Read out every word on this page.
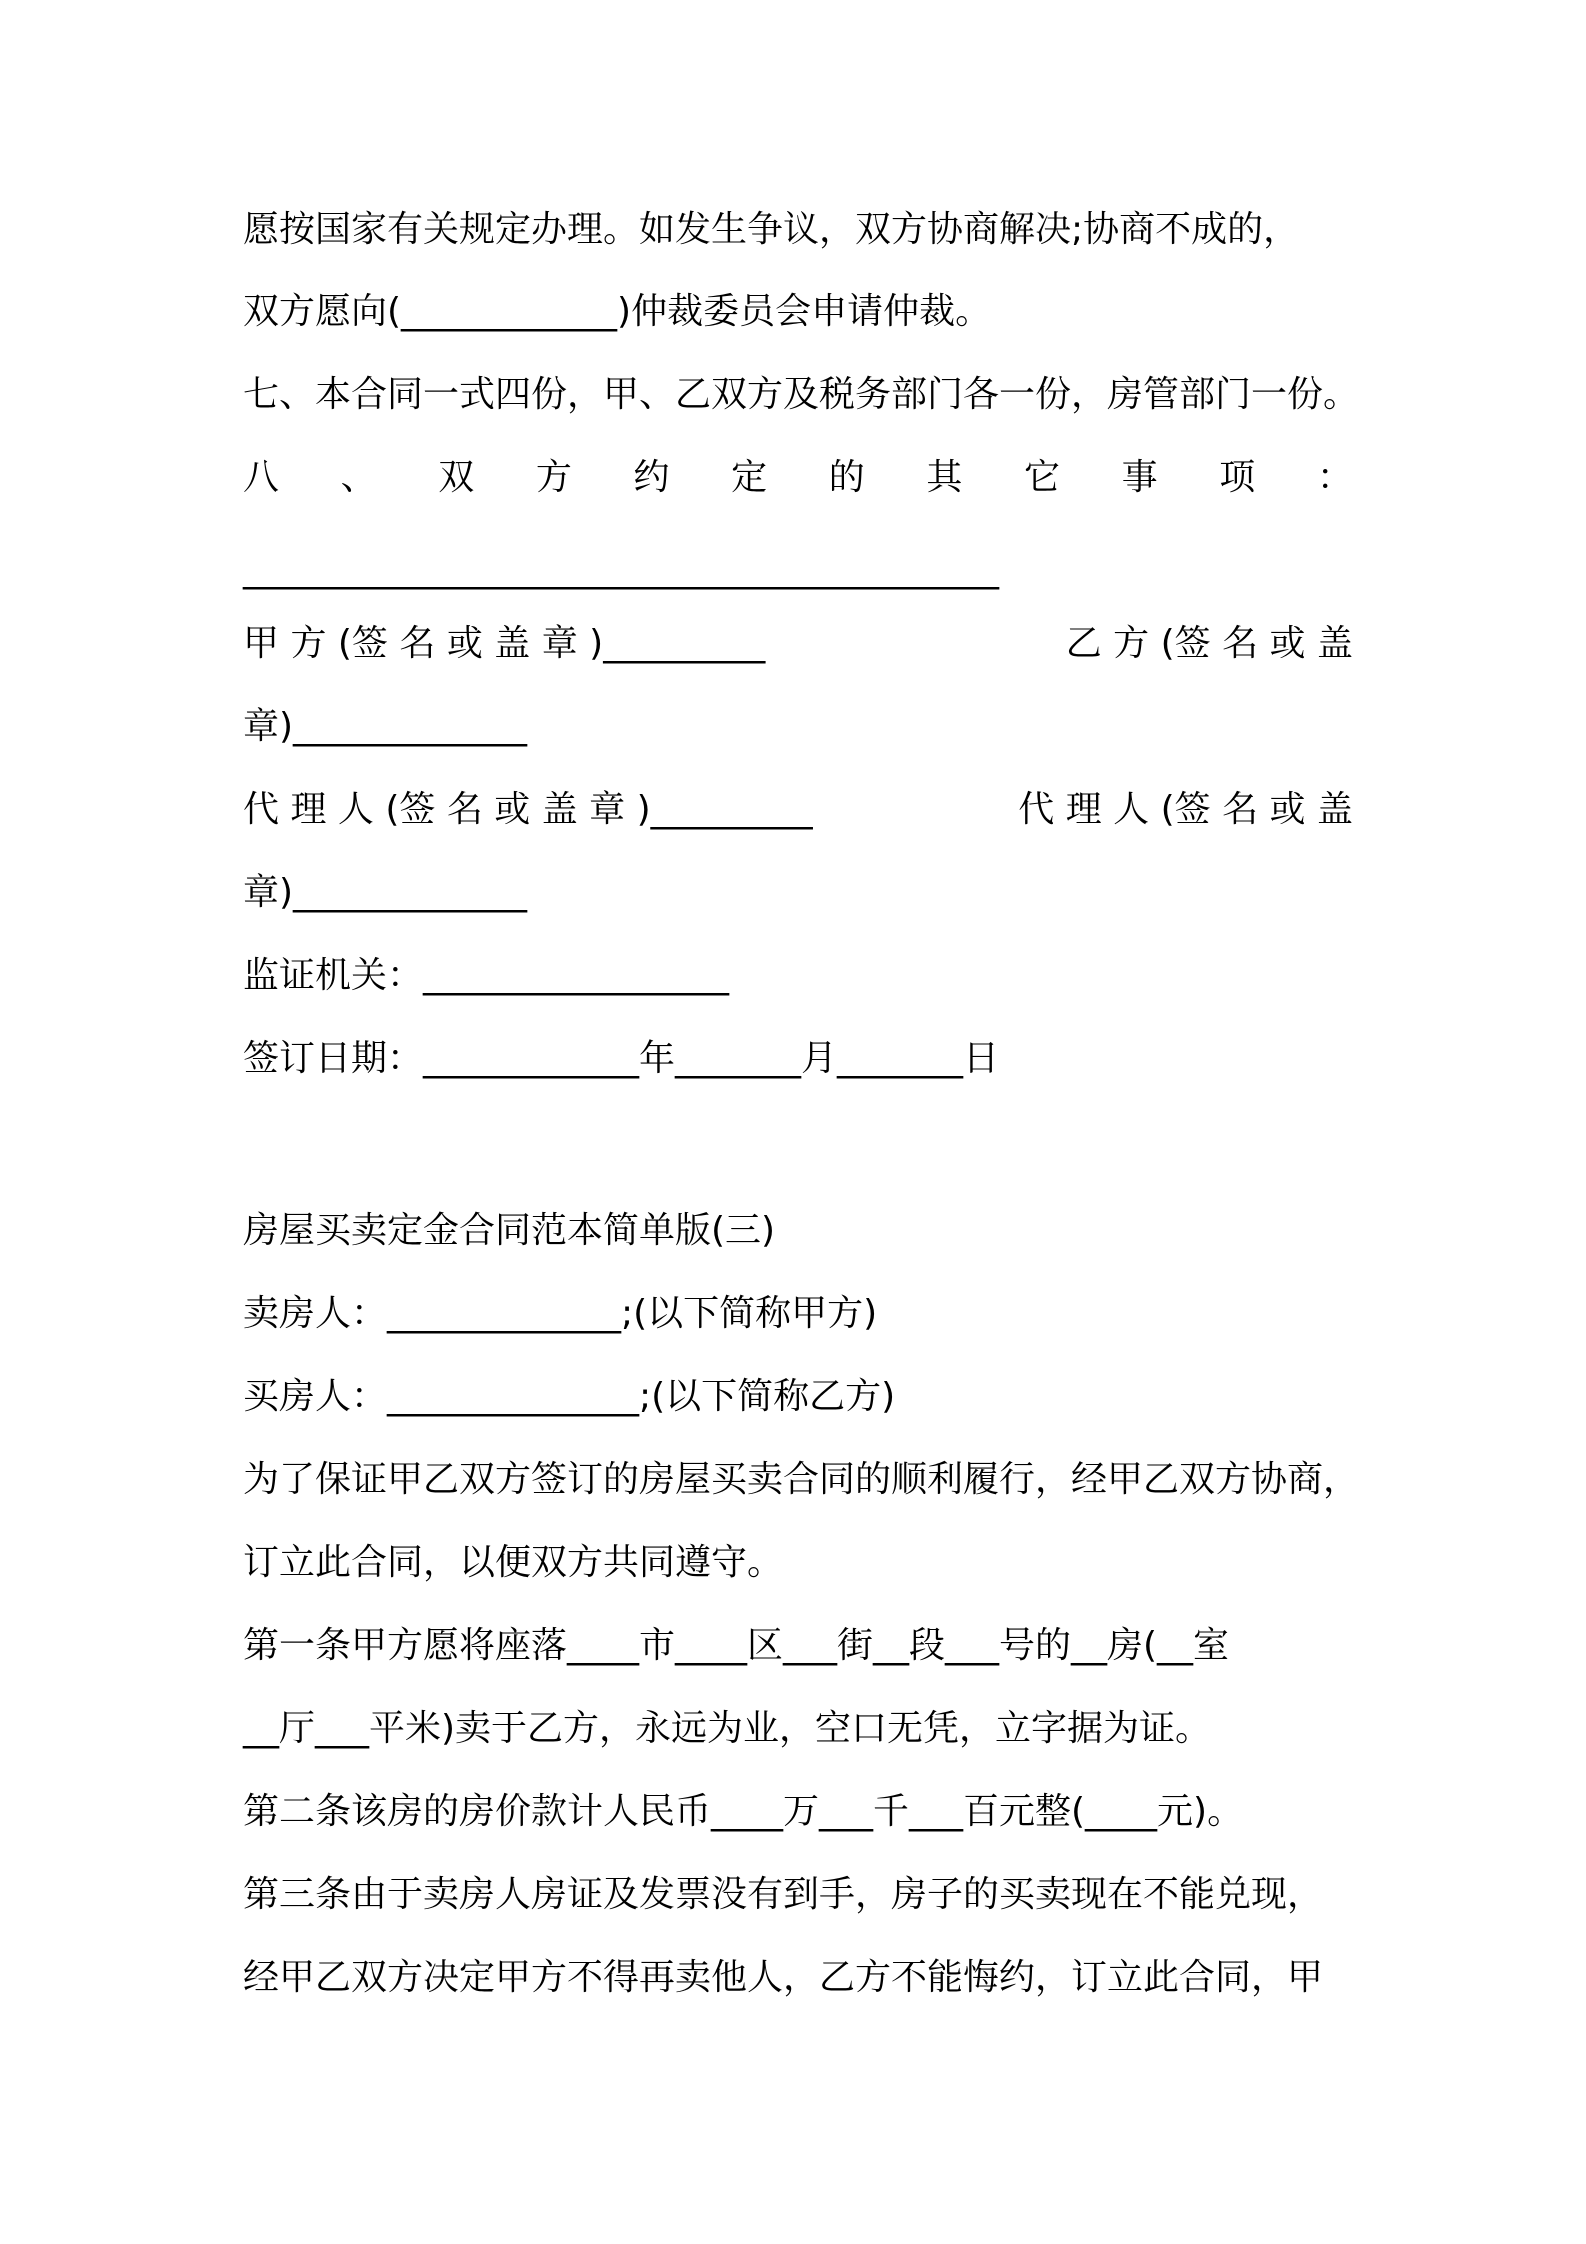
愿按国家有关规定办理。如发生争议，双方协商解决;协商不成的，
双方愿向(____________)仲裁委员会申请仲裁。
七、本合同一式四份，甲、乙双方及税务部门各一份，房管部门一份。
八 、 双 方 约 定 的 其 它 事 项 ：
__________________________________________
甲 方 (签 名 或 盖 章 )_________	乙 方 (签 名 或 盖
章)_____________
代 理 人 (签 名 或 盖 章 )_________	代 理 人 (签 名 或 盖
章)_____________
监证机关：_________________
签订日期：____________年_______月_______日
房屋买卖定金合同范本简单版(三)
卖房人：_____________;(以下简称甲方)
买房人：______________;(以下简称乙方)
为了保证甲乙双方签订的房屋买卖合同的顺利履行，经甲乙双方协商，
订立此合同，以便双方共同遵守。
第一条甲方愿将座落____市____区___街__段___号的__房(__室
__厅___平米)卖于乙方，永远为业，空口无凭，立字据为证。
第二条该房的房价款计人民币____万___千___百元整(____元)。
第三条由于卖房人房证及发票没有到手，房子的买卖现在不能兑现，
经甲乙双方决定甲方不得再卖他人，乙方不能悔约，订立此合同，甲
